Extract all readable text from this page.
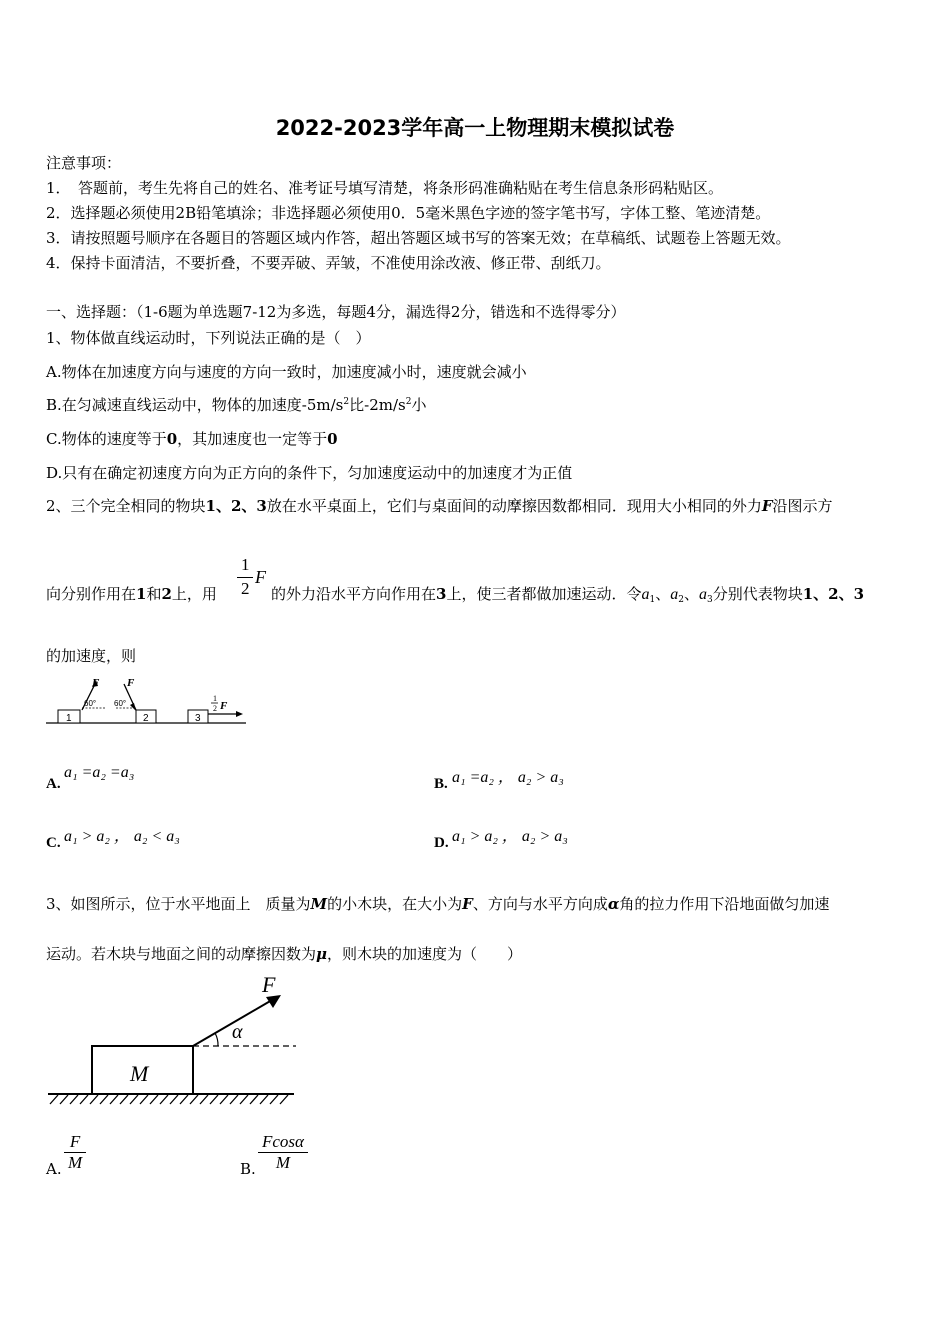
2022-2023学年高一上物理期末模拟试卷
注意事项：
1．　答题前，考生先将自己的姓名、准考证号填写清楚，将条形码准确粘贴在考生信息条形码粘贴区。
2．选择题必须使用2B铅笔填涂；非选择题必须使用0．5毫米黑色字迹的签字笔书写，字体工整、笔迹清楚。
3．请按照题号顺序在各题目的答题区域内作答，超出答题区域书写的答案无效；在草稿纸、试题卷上答题无效。
4．保持卡面清洁，不要折叠，不要弄破、弄皱，不准使用涂改液、修正带、刮纸刀。
一、选择题：（1-6题为单选题7-12为多选，每题4分，漏选得2分，错选和不选得零分）
1、物体做直线运动时，下列说法正确的是（　）
A.物体在加速度方向与速度的方向一致时，加速度减小时，速度就会减小
B.在匀减速直线运动中，物体的加速度$-5m/s^2$比$-2m/s^2$小
C.物体的速度等于0，其加速度也一定等于0
D.只有在确定初速度方向为正方向的条件下，匀加速度运动中的加速度才为正值
2、三个完全相同的物块1、2、3放在水平桌面上，它们与桌面间的动摩擦因数都相同．现用大小相同的外力F沿图示方
向分别作用在1和2上，用
1
2
F
的外力沿水平方向作用在3上，使三者都做加速运动．令$a_1$、$a_2$、$a_3$分别代表物块1、2、3
的加速度，则
1	2	3
F
60°
F
60°
1
2 F
A.
a₁ =a₂ =a₃
B. a₁ =a₂ ， a₂ > a₃
C. a₁ > a₂ ， a₂ < a₃	D. a₁ > a₂ ， a₂ > a₃
3、如图所示，位于水平地面上　质量为M的小木块，在大小为F、方向与水平方向成α角的拉力作用下沿地面做匀加速
运动。若木块与地面之间的动摩擦因数为μ，则木块的加速度为（　　）
M
F
α
A. $\frac{F}{M}$	B. $\frac{Fcos\alpha}{M}$
